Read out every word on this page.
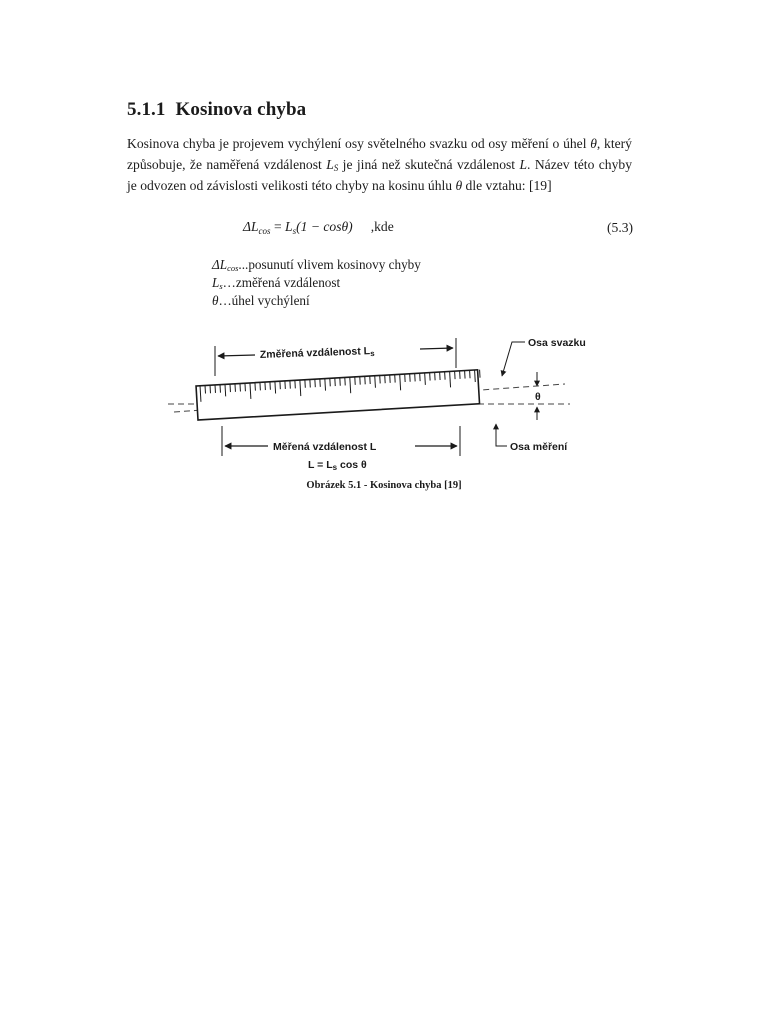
5.1.1 Kosinova chyba

Kosinova chyba je projevem vychýlení osy světelného svazku od osy měření o úhel θ, který způsobuje, že naměřená vzdálenost $L_S$ je jiná než skutečná vzdálenost L. Název této chyby je odvozen od závislosti velikosti této chyby na kosinu úhlu θ dle vztahu: [19]

$\Delta L_{cos} = L_s(1 - \cos\theta)$ ,kde	(5.3)
$\Delta L_{cos}...posunutí$ vlivem kosinovy chyby
$L_s\dots změřená$ vzdálenost
θ…úhel vychýlení
Změřená vzdálenost Ls
Měřená vzdálenost L
L = Ls cos θ
Osa svazku
Osa měření
θ
Obrázek 5.1 - Kosinova chyba [19]
